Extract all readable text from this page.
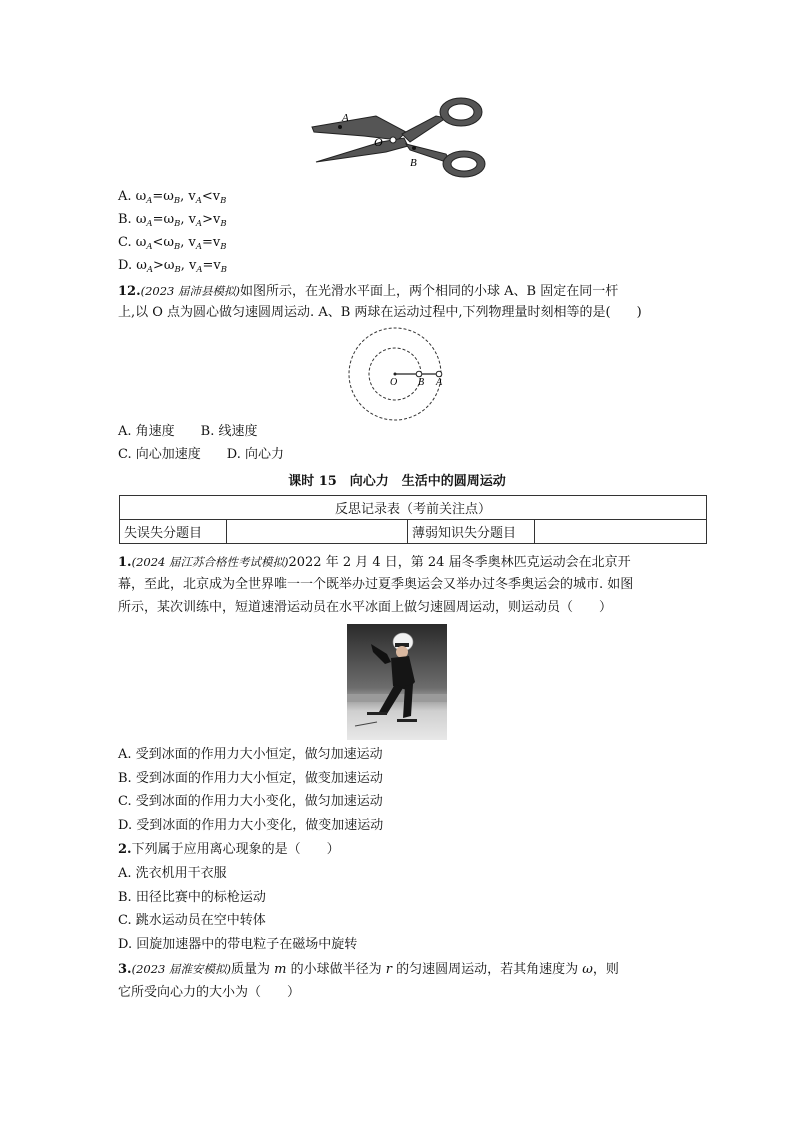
A
O
B
A. $\omega_A=\omega_B$, $v_A<v_B$
B. $\omega_A=\omega_B$, $v_A>v_B$
C. $\omega_A<\omega_B$, $v_A=v_B$
D. $\omega_A>\omega_B$, $v_A=v_B$
12.(2023 届沛县模拟)如图所示，在光滑水平面上，两个相同的小球 A、B 固定在同一杆
上,以 O 点为圆心做匀速圆周运动. A、B 两球在运动过程中,下列物理量时刻相等的是(　　)
O B A
A. 角速度 B. 线速度
C. 向心加速度 D. 向心力
课时 15　向心力　生活中的圆周运动
反思记录表（考前关注点）
失误失分题目		薄弱知识失分题目	
1.(2024 届江苏合格性考试模拟)2022 年 2 月 4 日，第 24 届冬季奥林匹克运动会在北京开
幕，至此，北京成为全世界唯一一个既举办过夏季奥运会又举办过冬季奥运会的城市. 如图
所示，某次训练中，短道速滑运动员在水平冰面上做匀速圆周运动，则运动员（　　）
A. 受到冰面的作用力大小恒定，做匀加速运动
B. 受到冰面的作用力大小恒定，做变加速运动
C. 受到冰面的作用力大小变化，做匀加速运动
D. 受到冰面的作用力大小变化，做变加速运动
2.下列属于应用离心现象的是（　　）
A. 洗衣机用干衣服
B. 田径比赛中的标枪运动
C. 跳水运动员在空中转体
D. 回旋加速器中的带电粒子在磁场中旋转
3.(2023 届淮安模拟)质量为 m 的小球做半径为 r 的匀速圆周运动，若其角速度为 ω，则
它所受向心力的大小为（　　）
